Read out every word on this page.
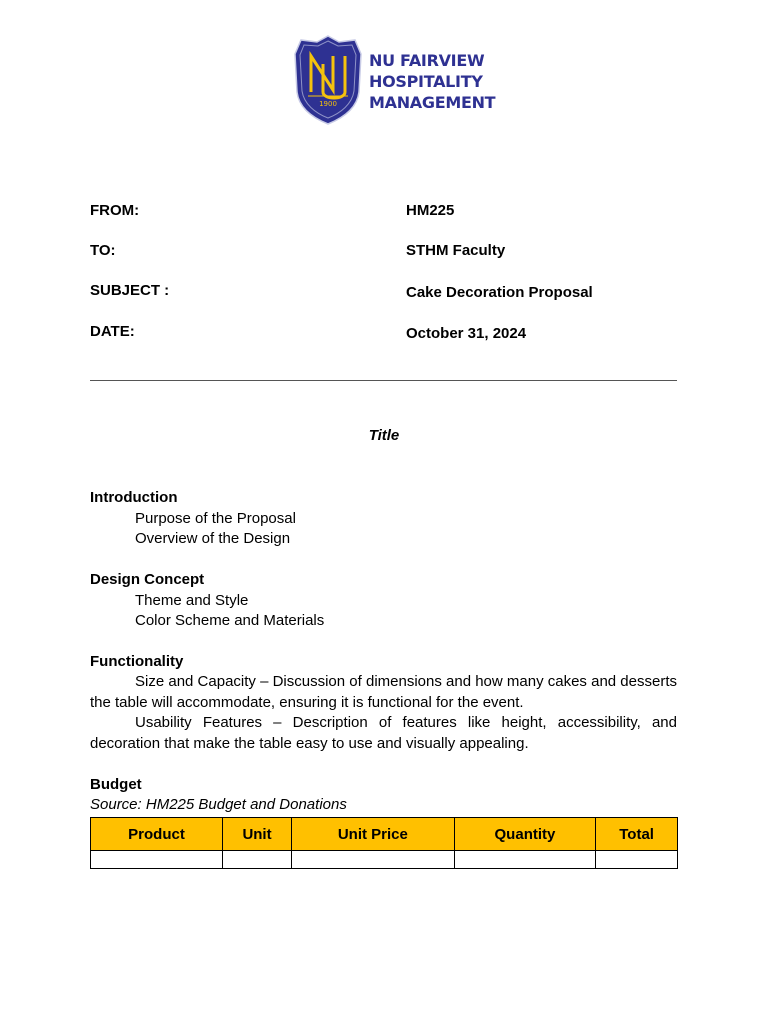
1900
NU FAIRVIEW
HOSPITALITY
MANAGEMENT
FROM:	HM225
TO:	STHM Faculty
SUBJECT :	Cake Decoration Proposal
DATE:	October 31, 2024
Title
Introduction
Purpose of the Proposal
Overview of the Design
Design Concept
Theme and Style
Color Scheme and Materials
Functionality
Size and Capacity – Discussion of dimensions and how many cakes and desserts the table will accommodate, ensuring it is functional for the event.
Usability Features – Description of features like height, accessibility, and decoration that make the table easy to use and visually appealing.
Budget
Source: HM225 Budget and Donations
Product	Unit	Unit Price	Quantity	Total
